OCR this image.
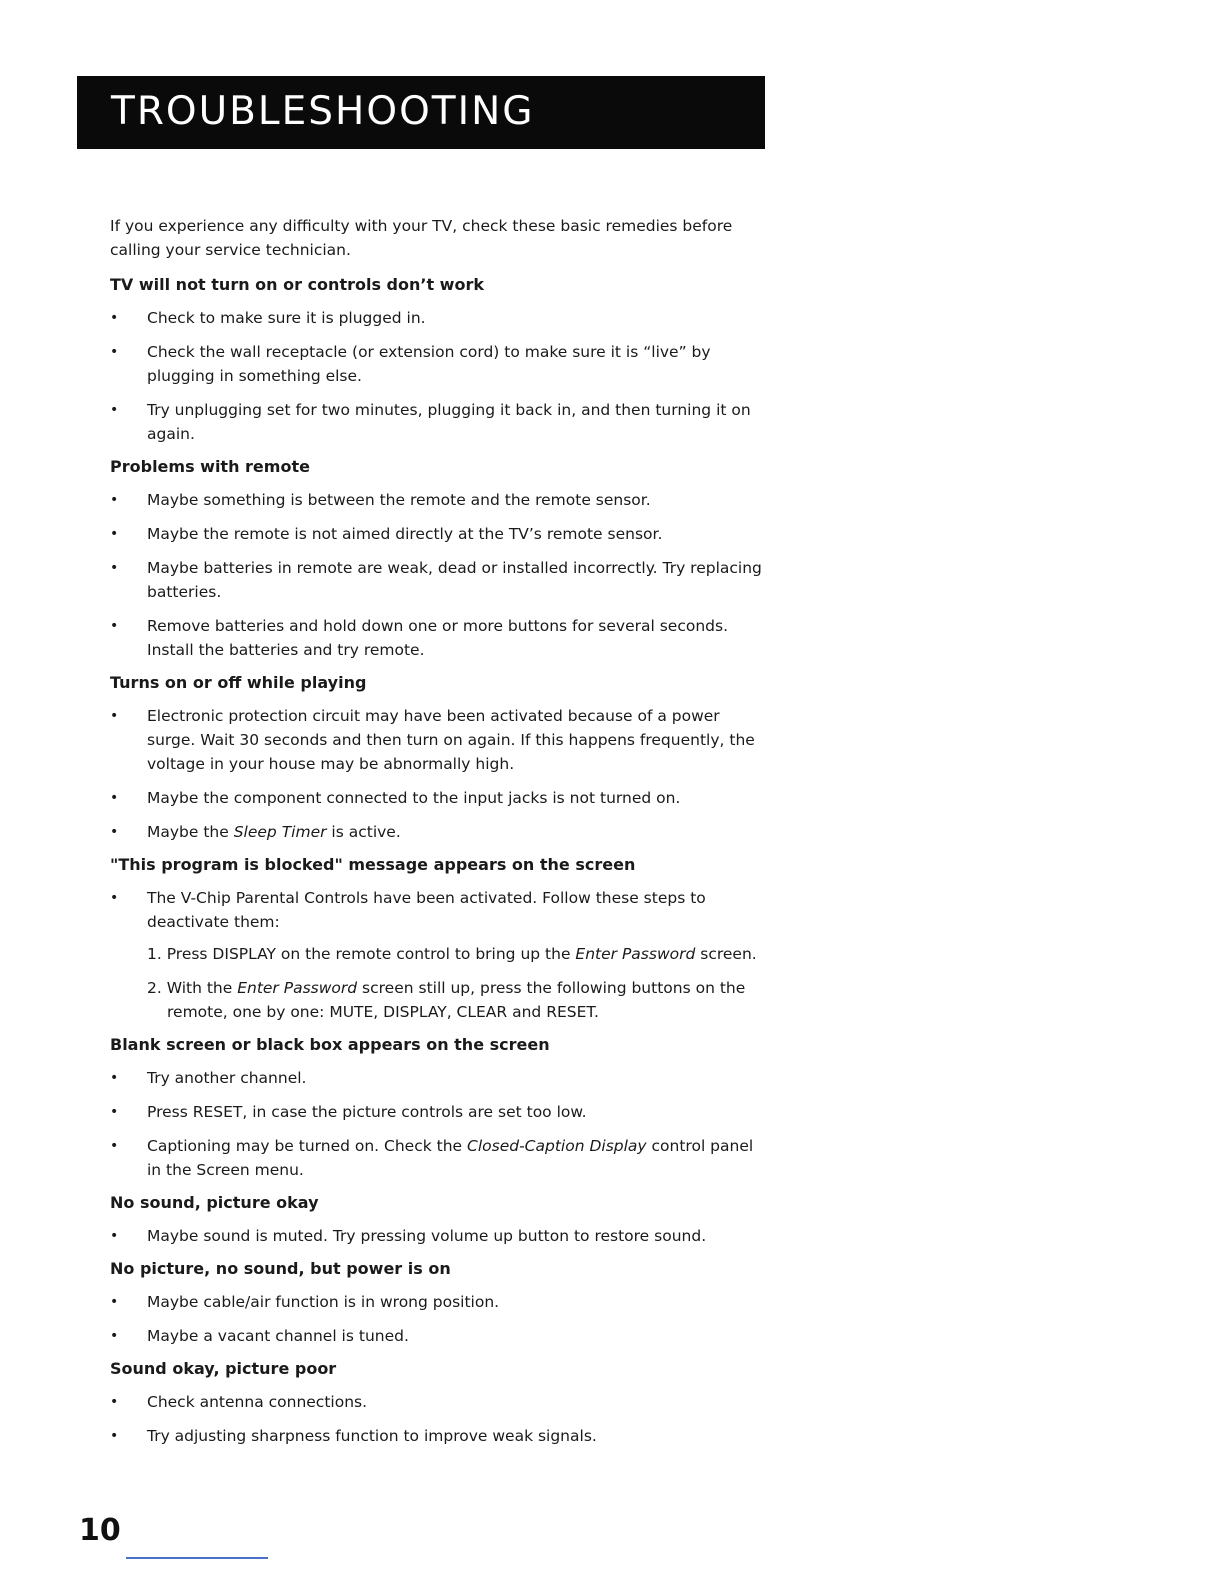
TROUBLESHOOTING

If you experience any difficulty with your TV, check these basic remedies before calling your service technician.

TV will not turn on or controls don’t work
• Check to make sure it is plugged in.
• Check the wall receptacle (or extension cord) to make sure it is “live” by plugging in something else.
• Try unplugging set for two minutes, plugging it back in, and then turning it on again.
Problems with remote
• Maybe something is between the remote and the remote sensor.
• Maybe the remote is not aimed directly at the TV’s remote sensor.
• Maybe batteries in remote are weak, dead or installed incorrectly. Try replacing batteries.
• Remove batteries and hold down one or more buttons for several seconds. Install the batteries and try remote.
Turns on or off while playing
• Electronic protection circuit may have been activated because of a power surge. Wait 30 seconds and then turn on again. If this happens frequently, the voltage in your house may be abnormally high.
• Maybe the component connected to the input jacks is not turned on.
• Maybe the Sleep Timer is active.
"This program is blocked" message appears on the screen
• The V-Chip Parental Controls have been activated. Follow these steps to deactivate them:
1. Press DISPLAY on the remote control to bring up the Enter Password screen.
2. With the Enter Password screen still up, press the following buttons on the remote, one by one: MUTE, DISPLAY, CLEAR and RESET.
Blank screen or black box appears on the screen
• Try another channel.
• Press RESET, in case the picture controls are set too low.
• Captioning may be turned on. Check the Closed-Caption Display control panel in the Screen menu.
No sound, picture okay
• Maybe sound is muted. Try pressing volume up button to restore sound.
No picture, no sound, but power is on
• Maybe cable/air function is in wrong position.
• Maybe a vacant channel is tuned.
Sound okay, picture poor
• Check antenna connections.
• Try adjusting sharpness function to improve weak signals.
10
